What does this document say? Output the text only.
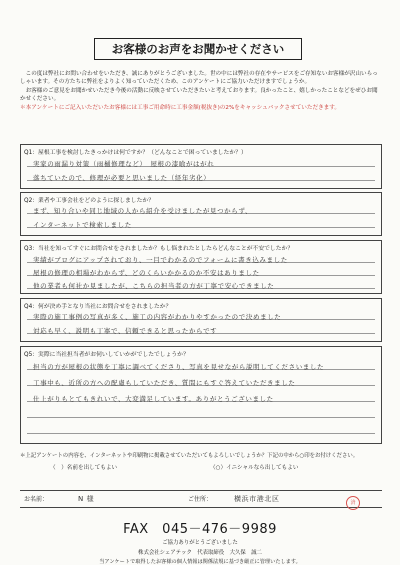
お客様のお声をお聞かせください
この度は弊社にお問い合わせをいただき、誠にありがとうございました。世の中には弊社の存在やサービスをご存知ないお客様が沢山いらっしゃいます。その方たちに弊社をよりよく知っていただくため、このアンケートにご協力いただけますでしょうか。
お客様のご意見をお聞かせいただき今後の活動に反映させていただきたいと考えております。良かったこと、嬉しかったことなどをぜひお聞かせください。
＊本アンケートにご記入いただいたお客様には工事ご用命時に工事金額(税抜き)の2%をキャッシュバックさせていただきます。
Q1：屋根工事を検討したきっかけは何ですか？（どんなことで困っていましたか？）
実家の雨漏り対策（雨樋修理など）　屋根の漆喰がはがれ
落ちていたので、修理が必要と思いました（経年劣化）
Q2：業者や工事会社をどのように探しましたか？
まず、知り合いや同じ地域の人から紹介を受けましたが見つからず、
インターネットで検索しました
Q3：当社を知ってすぐにお問合せをされましたか？もし悩まれたとしたらどんなことが不安でしたか？
実績がブログにアップされており、一目でわかるのでフォームに書き込みました
屋根の修理の相場がわからず、どのくらいかかるのか不安はありました
他の業者も何社か見ましたが、こちらの担当者の方が丁寧で安心できました
Q4：何が決め手となり当社にお問合せをされましたか？
実際の施工事例の写真が多く、施工の内容がわかりやすかったので決めました
対応も早く、説明も丁寧で、信頼できると思ったからです
Q5：実際に当社担当者がお伺いしていかがでしたでしょうか？
担当の方が屋根の状態を丁寧に調べてくださり、写真を見せながら説明してくださいました
工事中も、近所の方への配慮もしていただき、質問にもすぐ答えていただきました
仕上がりもとてもきれいで、大変満足しています。ありがとうございました
＊上記アンケートの内容を、インターネットや印刷物に掲載させていただいてもよろしいでしょうか？下記の中から○印をお付けください。
（　）名前を出してもよい	（○）イニシャルなら出してもよい
お名前：	N 様	ご住所：	横浜市港北区	済
FAX　045－476－9989
ご協力ありがとうございました
株式会社シェアテック　代表取締役　大久保　誠二
当アンケートで取得したお客様の個人情報は関係法規に基づき厳正に管理いたします。
